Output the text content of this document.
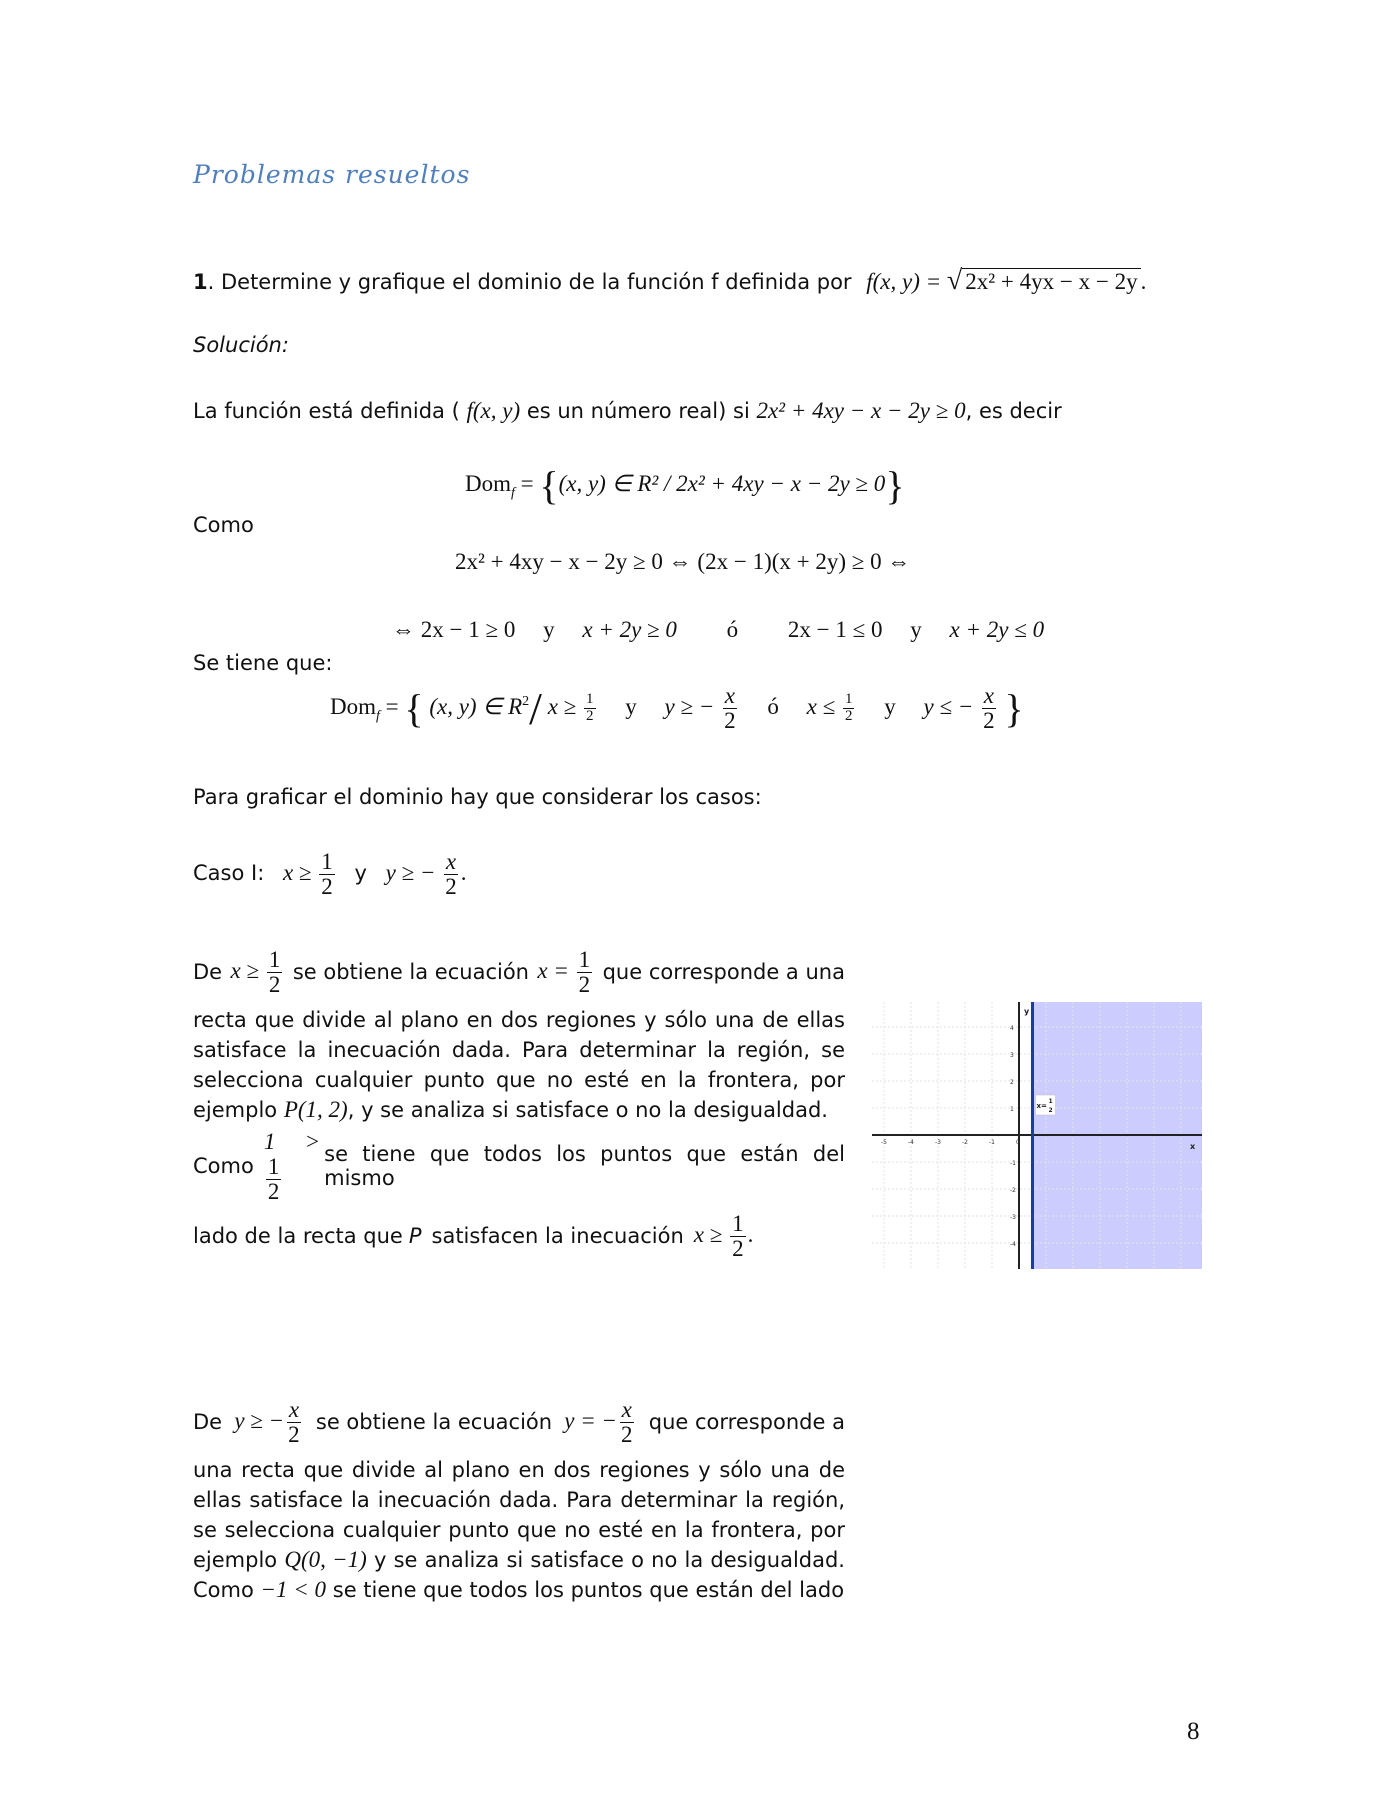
Problemas resueltos
1. Determine y grafique el dominio de la función f definida por f(x, y) = √ 2x² + 4yx − x − 2y .
Solución:
La función está definida ( f(x, y) es un número real) si 2x² + 4xy − x − 2y ≥ 0, es decir
Dom$_f$ = {(x, y) ∈ R² / 2x² + 4xy − x − 2y ≥ 0}
Como
2x² + 4xy − x − 2y ≥ 0 ⇔ (2x − 1)(x + 2y) ≥ 0 ⇔
⇔ 2x − 1 ≥ 0 y x + 2y ≥ 0 ó 2x − 1 ≤ 0 y x + 2y ≤ 0
Se tiene que:
Dom$_f$ = { (x, y) ∈ $R^2/$ $x \ge \frac{1}{2}$ y y ≥ − $\frac{x}{2}$ ó $x \le \frac{1}{2}$ y y ≤ − $\frac{x}{2}$ }
Para graficar el dominio hay que considerar los casos:
Caso I: $x \ge \frac{1}{2}$ y y ≥ − $\frac{x}{2}$ .
De $x \ge \frac{1}{2}$ se obtiene la ecuación $x = \frac{1}{2}$ que corresponde a una
recta que divide al plano en dos regiones y sólo una de ellas satisface la inecuación dada. Para determinar la región, se selecciona cualquier punto que no esté en la frontera, por ejemplo P(1, 2), y se analiza si satisface o no la desigualdad.
Como
1 >
$\frac{1}{2}$
se tiene que todos los puntos que están del mismo
lado de la recta que P satisfacen la inecuación $x \ge \frac{1}{2}$ .
-5	-4	-3	-2	-1	0
4
3
2
1
-1
-2
-3
-4
x
y
x=
1
2
De y ≥ − $\frac{x}{2}$ se obtiene la ecuación y = − $\frac{x}{2}$ que corresponde a
una recta que divide al plano en dos regiones y sólo una de ellas satisface la inecuación dada. Para determinar la región, se selecciona cualquier punto que no esté en la frontera, por ejemplo Q(0, −1) y se analiza si satisface o no la desigualdad. Como −1 < 0 se tiene que todos los puntos que están del lado
8
